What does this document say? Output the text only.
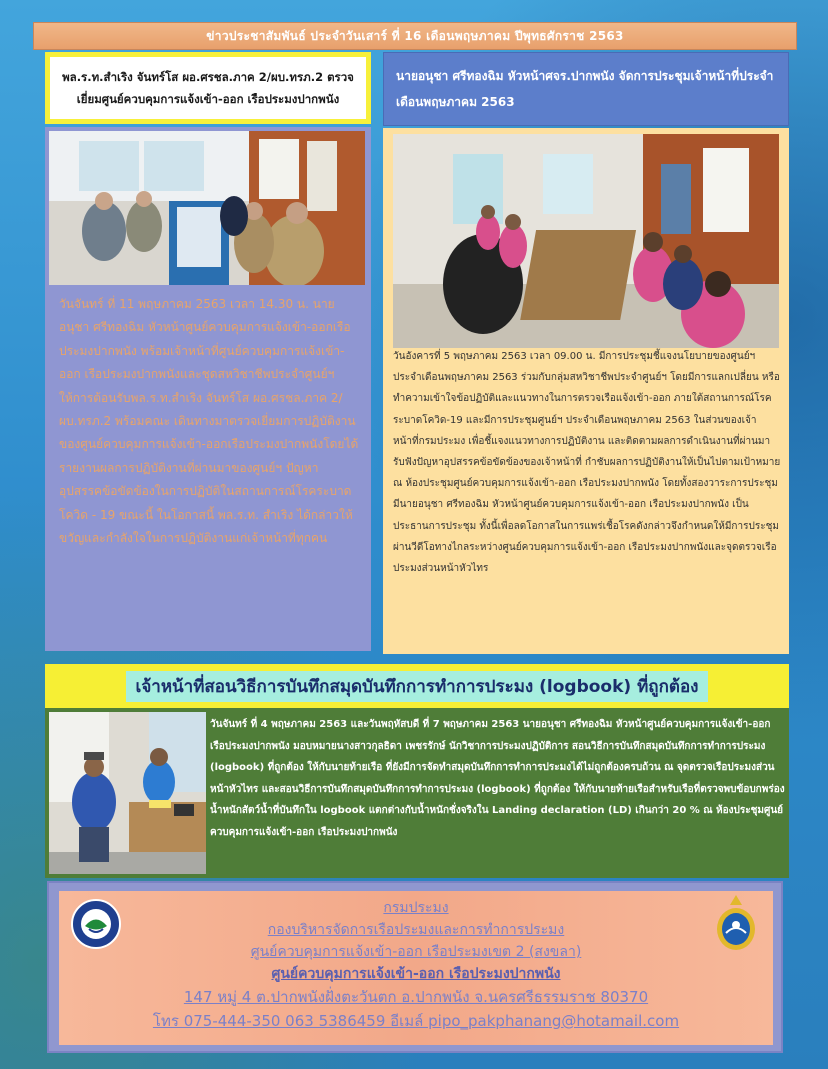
ข่าวประชาสัมพันธ์ ประจำวันเสาร์ ที่ 16 เดือนพฤษภาคม ปีพุทธศักราช 2563
พล.ร.ท.สำเริง จันทร์โส ผอ.ศรชล.ภาค 2/ผบ.ทรภ.2 ตรวจเยี่ยมศูนย์ควบคุมการแจ้งเข้า-ออก เรือประมงปากพนัง
วันจันทร์ ที่ 11 พฤษภาคม 2563 เวลา 14.30 น. นายอนุชา ศรีทองฉิม หัวหน้าศูนย์ควบคุมการแจ้งเข้า-ออกเรือประมงปากพนัง พร้อมเจ้าหน้าที่ศูนย์ควบคุมการแจ้งเข้า-ออก เรือประมงปากพนังและชุดสหวิชาชีพประจำศูนย์ฯ ให้การต้อนรับพล.ร.ท.สำเริง จันทร์โส ผอ.ศรชล.ภาค 2/ผบ.ทรภ.2 พร้อมคณะ เดินทางมาตรวจเยี่ยมการปฏิบัติงานของศูนย์ควบคุมการแจ้งเข้า-ออกเรือประมงปากพนังโดยได้รายงานผลการปฏิบัติงานที่ผ่านมาของศูนย์ฯ ปัญหาอุปสรรคข้อขัดข้องในการปฏิบัติในสถานการณ์โรคระบาดโควิด - 19 ขณะนี้ ในโอกาสนี้ พล.ร.ท. สำเริง ได้กล่าวให้ขวัญและกำลังใจในการปฏิบัติงานแก่เจ้าหน้าที่ทุกคน
นายอนุชา ศรีทองฉิม หัวหน้าศจร.ปากพนัง จัดการประชุมเจ้าหน้าที่ประจำเดือนพฤษภาคม 2563
วันอังคารที่ 5 พฤษภาคม 2563 เวลา 09.00 น. มีการประชุมชี้แจงนโยบายของศูนย์ฯ ประจำเดือนพฤษภาคม 2563 ร่วมกับกลุ่มสหวิชาชีพประจำศูนย์ฯ โดยมีการแลกเปลี่ยน หรือ ทำความเข้าใจข้อปฏิบัติและแนวทางในการตรวจเรือแจ้งเข้า-ออก ภายใต้สถานการณ์โรคระบาดโควิด-19 และมีการประชุมศูนย์ฯ ประจำเดือนพฤษภาคม 2563 ในส่วนของเจ้าหน้าที่กรมประมง เพื่อชี้แจงแนวทางการปฏิบัติงาน และติดตามผลการดำเนินงานที่ผ่านมา รับฟังปัญหาอุปสรรคข้อขัดข้องของเจ้าหน้าที่ กำชับผลการปฏิบัติงานให้เป็นไปตามเป้าหมาย ณ ห้องประชุมศูนย์ควบคุมการแจ้งเข้า-ออก เรือประมงปากพนัง โดยทั้งสองวาระการประชุมมีนายอนุชา ศรีทองฉิม หัวหน้าศูนย์ควบคุมการแจ้งเข้า-ออก เรือประมงปากพนัง เป็นประธานการประชุม ทั้งนี้เพื่อลดโอกาสในการแพร่เชื้อโรคดังกล่าวจึงกำหนดให้มีการประชุมผ่านวีดีโอทางไกลระหว่างศูนย์ควบคุมการแจ้งเข้า-ออก เรือประมงปากพนังและจุดตรวจเรือประมงส่วนหน้าหัวไทร
เจ้าหน้าที่สอนวิธีการบันทึกสมุดบันทึกการทำการประมง (logbook) ที่ถูกต้อง
วันจันทร์ ที่ 4 พฤษภาคม 2563 และวันพฤหัสบดี ที่ 7 พฤษภาคม 2563 นายอนุชา ศรีทองฉิม หัวหน้าศูนย์ควบคุมการแจ้งเข้า-ออก เรือประมงปากพนัง มอบหมายนางสาวกุลธิดา เพชรรักษ์ นักวิชาการประมงปฏิบัติการ สอนวิธีการบันทึกสมุดบันทึกการทำการประมง (logbook) ที่ถูกต้อง ให้กับนายท้ายเรือ ที่ยังมีการจัดทำสมุดบันทึกการทำการประมงได้ไม่ถูกต้องครบถ้วน ณ จุดตรวจเรือประมงส่วนหน้าหัวไทร และสอนวิธีการบันทึกสมุดบันทึกการทำการประมง (logbook) ที่ถูกต้อง ให้กับนายท้ายเรือสำหรับเรือที่ตรวจพบข้อบกพร่องน้ำหนักสัตว์น้ำที่บันทึกใน logbook แตกต่างกับน้ำหนักชั่งจริงใน Landing declaration (LD) เกินกว่า 20 % ณ ห้องประชุมศูนย์ควบคุมการแจ้งเข้า-ออก เรือประมงปากพนัง
กรมประมง
กองบริหารจัดการเรือประมงและการทำการประมง
ศูนย์ควบคุมการแจ้งเข้า-ออก เรือประมงเขต 2 (สงขลา)
ศูนย์ควบคุมการแจ้งเข้า-ออก เรือประมงปากพนัง
147 หมู่ 4 ต.ปากพนังฝั่งตะวันตก อ.ปากพนัง จ.นครศรีธรรมราช 80370
โทร 075-444-350 063 5386459 อีเมล์ pipo_pakphanang@hotamail.com
